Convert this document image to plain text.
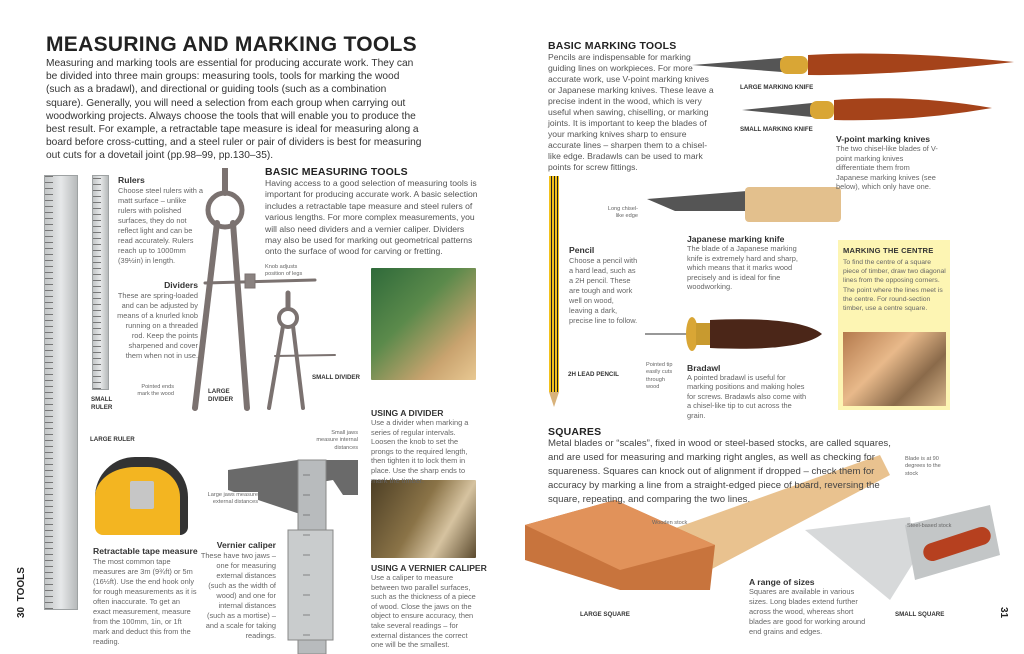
MEASURING AND MARKING TOOLS
Measuring and marking tools are essential for producing accurate work. They can be divided into three main groups: measuring tools, tools for marking the wood (such as a bradawl), and directional or guiding tools (such as a combination square). Generally, you will need a selection from each group when carrying out woodworking projects. Always choose the tools that will enable you to produce the best result. For example, a retractable tape measure is ideal for measuring along a board before cross-cutting, and a steel ruler or pair of dividers is best for measuring out cuts for a dovetail joint (pp.98–99, pp.130–35).
SMALL RULER
LARGE RULER
Rulers
Choose steel rulers with a matt surface – unlike rulers with polished surfaces, they do not reflect light and can be read accurately. Rulers reach up to 1000mm (39½in) in length.
Dividers
These are spring-loaded and can be adjusted by means of a knurled knob running on a threaded rod. Keep the points sharpened and cover them when not in use.
Pointed ends mark the wood
Knob adjusts position of legs
LARGE DIVIDER
SMALL DIVIDER
BASIC MEASURING TOOLS
Having access to a good selection of measuring tools is important for producing accurate work. A basic selection includes a retractable tape measure and steel rulers of various lengths. For more complex measurements, you will also need dividers and a vernier caliper. Dividers may also be used for marking out geometrical patterns onto the surface of wood for carving or fretting.
USING A DIVIDER
Use a divider when marking a series of regular intervals. Loosen the knob to set the prongs to the required length, then tighten it to lock them in place. Use the sharp ends to mark the timber.
USING A VERNIER CALIPER
Use a caliper to measure between two parallel surfaces, such as the thickness of a piece of wood. Close the jaws on the object to ensure accuracy, then take several readings – for external distances the correct one will be the smallest.
Small jaws measure internal distances
Large jaws measure external distances
Retractable tape measure
The most common tape measures are 3m (9¾ft) or 5m (16½ft). Use the end hook only for rough measurements as it is often inaccurate. To get an exact measurement, measure from the 100mm, 1in, or 1ft mark and deduct this from the reading.
Vernier caliper
These have two jaws – one for measuring external distances (such as the width of wood) and one for internal distances (such as a mortise) – and a scale for taking readings.
30  TOOLS
BASIC MARKING TOOLS
Pencils are indispensable for marking guiding lines on workpieces. For more accurate work, use V-point marking knives or Japanese marking knives. These leave a precise indent in the wood, which is very useful when sawing, chiselling, or marking joints. It is important to keep the blades of your marking knives sharp to ensure accurate lines – sharpen them to a chisel-like edge. Bradawls can be used to mark points for screw fittings.
LARGE MARKING KNIFE
SMALL MARKING KNIFE
V-point marking knives
The two chisel-like blades of V-point marking knives differentiate them from Japanese marking knives (see below), which only have one.
2H LEAD PENCIL
Pencil
Choose a pencil with a hard lead, such as a 2H pencil. These are tough and work well on wood, leaving a dark, precise line to follow.
Long chisel-like edge
Japanese marking knife
The blade of a Japanese marking knife is extremely hard and sharp, which means that it marks wood precisely and is ideal for fine woodworking.
Pointed tip easily cuts through wood
Bradawl
A pointed bradawl is useful for marking positions and making holes for screws. Bradawls also come with a chisel-like tip to cut across the grain.
MARKING THE CENTRE
To find the centre of a square piece of timber, draw two diagonal lines from the opposing corners. The point where the lines meet is the centre. For round-section timber, use a centre square.
SQUARES
Metal blades or “scales”, fixed in wood or steel-based stocks, are called squares, and are used for measuring and marking right angles, as well as checking for squareness. Squares can knock out of alignment if dropped – check them for accuracy by marking a line from a straight-edged piece of board, reversing the square, repeating, and comparing the two lines.
Wooden stock
Blade is at 90 degrees to the stock
Steel-based stock
LARGE SQUARE	SMALL SQUARE
A range of sizes
Squares are available in various sizes. Long blades extend further across the wood, whereas short blades are good for working around end grains and edges.
31
